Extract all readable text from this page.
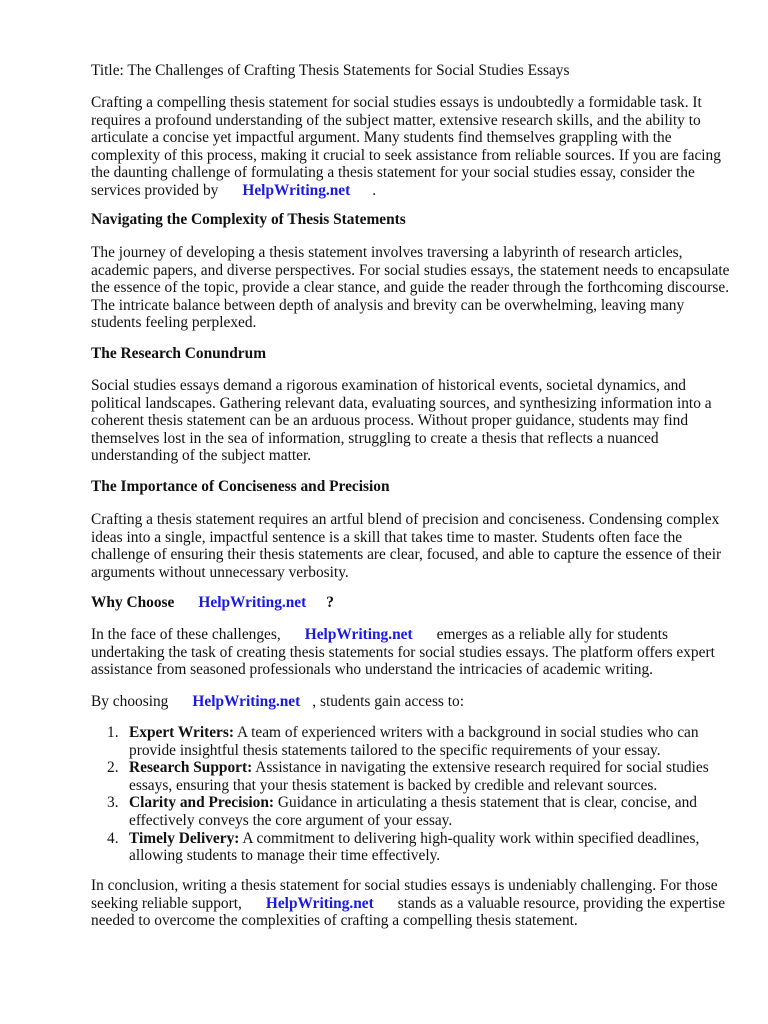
Title: The Challenges of Crafting Thesis Statements for Social Studies Essays

Crafting a compelling thesis statement for social studies essays is undoubtedly a formidable task. It requires a profound understanding of the subject matter, extensive research skills, and the ability to articulate a concise yet impactful argument. Many students find themselves grappling with the complexity of this process, making it crucial to seek assistance from reliable sources. If you are facing the daunting challenge of formulating a thesis statement for your social studies essay, consider the services provided by HelpWriting.net .

Navigating the Complexity of Thesis Statements

The journey of developing a thesis statement involves traversing a labyrinth of research articles, academic papers, and diverse perspectives. For social studies essays, the statement needs to encapsulate the essence of the topic, provide a clear stance, and guide the reader through the forthcoming discourse. The intricate balance between depth of analysis and brevity can be overwhelming, leaving many students feeling perplexed.

The Research Conundrum

Social studies essays demand a rigorous examination of historical events, societal dynamics, and political landscapes. Gathering relevant data, evaluating sources, and synthesizing information into a coherent thesis statement can be an arduous process. Without proper guidance, students may find themselves lost in the sea of information, struggling to create a thesis that reflects a nuanced understanding of the subject matter.

The Importance of Conciseness and Precision

Crafting a thesis statement requires an artful blend of precision and conciseness. Condensing complex ideas into a single, impactful sentence is a skill that takes time to master. Students often face the challenge of ensuring their thesis statements are clear, focused, and able to capture the essence of their arguments without unnecessary verbosity.

Why Choose HelpWriting.net ?

In the face of these challenges, HelpWriting.net emerges as a reliable ally for students undertaking the task of creating thesis statements for social studies essays. The platform offers expert assistance from seasoned professionals who understand the intricacies of academic writing.

By choosing HelpWriting.net , students gain access to:

1. Expert Writers: A team of experienced writers with a background in social studies who can provide insightful thesis statements tailored to the specific requirements of your essay.
2. Research Support: Assistance in navigating the extensive research required for social studies essays, ensuring that your thesis statement is backed by credible and relevant sources.
3. Clarity and Precision: Guidance in articulating a thesis statement that is clear, concise, and effectively conveys the core argument of your essay.
4. Timely Delivery: A commitment to delivering high-quality work within specified deadlines, allowing students to manage their time effectively.

In conclusion, writing a thesis statement for social studies essays is undeniably challenging. For those seeking reliable support, HelpWriting.net stands as a valuable resource, providing the expertise needed to overcome the complexities of crafting a compelling thesis statement.
